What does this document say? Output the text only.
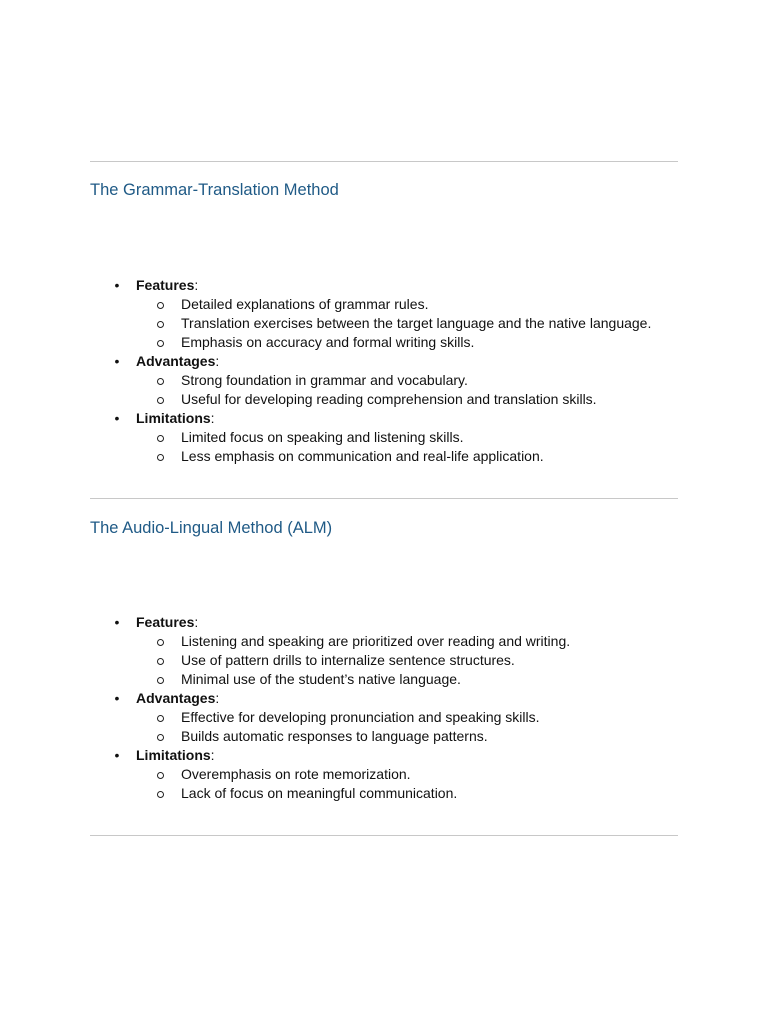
The Grammar-Translation Method
• Features:
Detailed explanations of grammar rules.
Translation exercises between the target language and the native language.
Emphasis on accuracy and formal writing skills.
• Advantages:
Strong foundation in grammar and vocabulary.
Useful for developing reading comprehension and translation skills.
• Limitations:
Limited focus on speaking and listening skills.
Less emphasis on communication and real-life application.
The Audio-Lingual Method (ALM)
• Features:
Listening and speaking are prioritized over reading and writing.
Use of pattern drills to internalize sentence structures.
Minimal use of the student’s native language.
• Advantages:
Effective for developing pronunciation and speaking skills.
Builds automatic responses to language patterns.
• Limitations:
Overemphasis on rote memorization.
Lack of focus on meaningful communication.
